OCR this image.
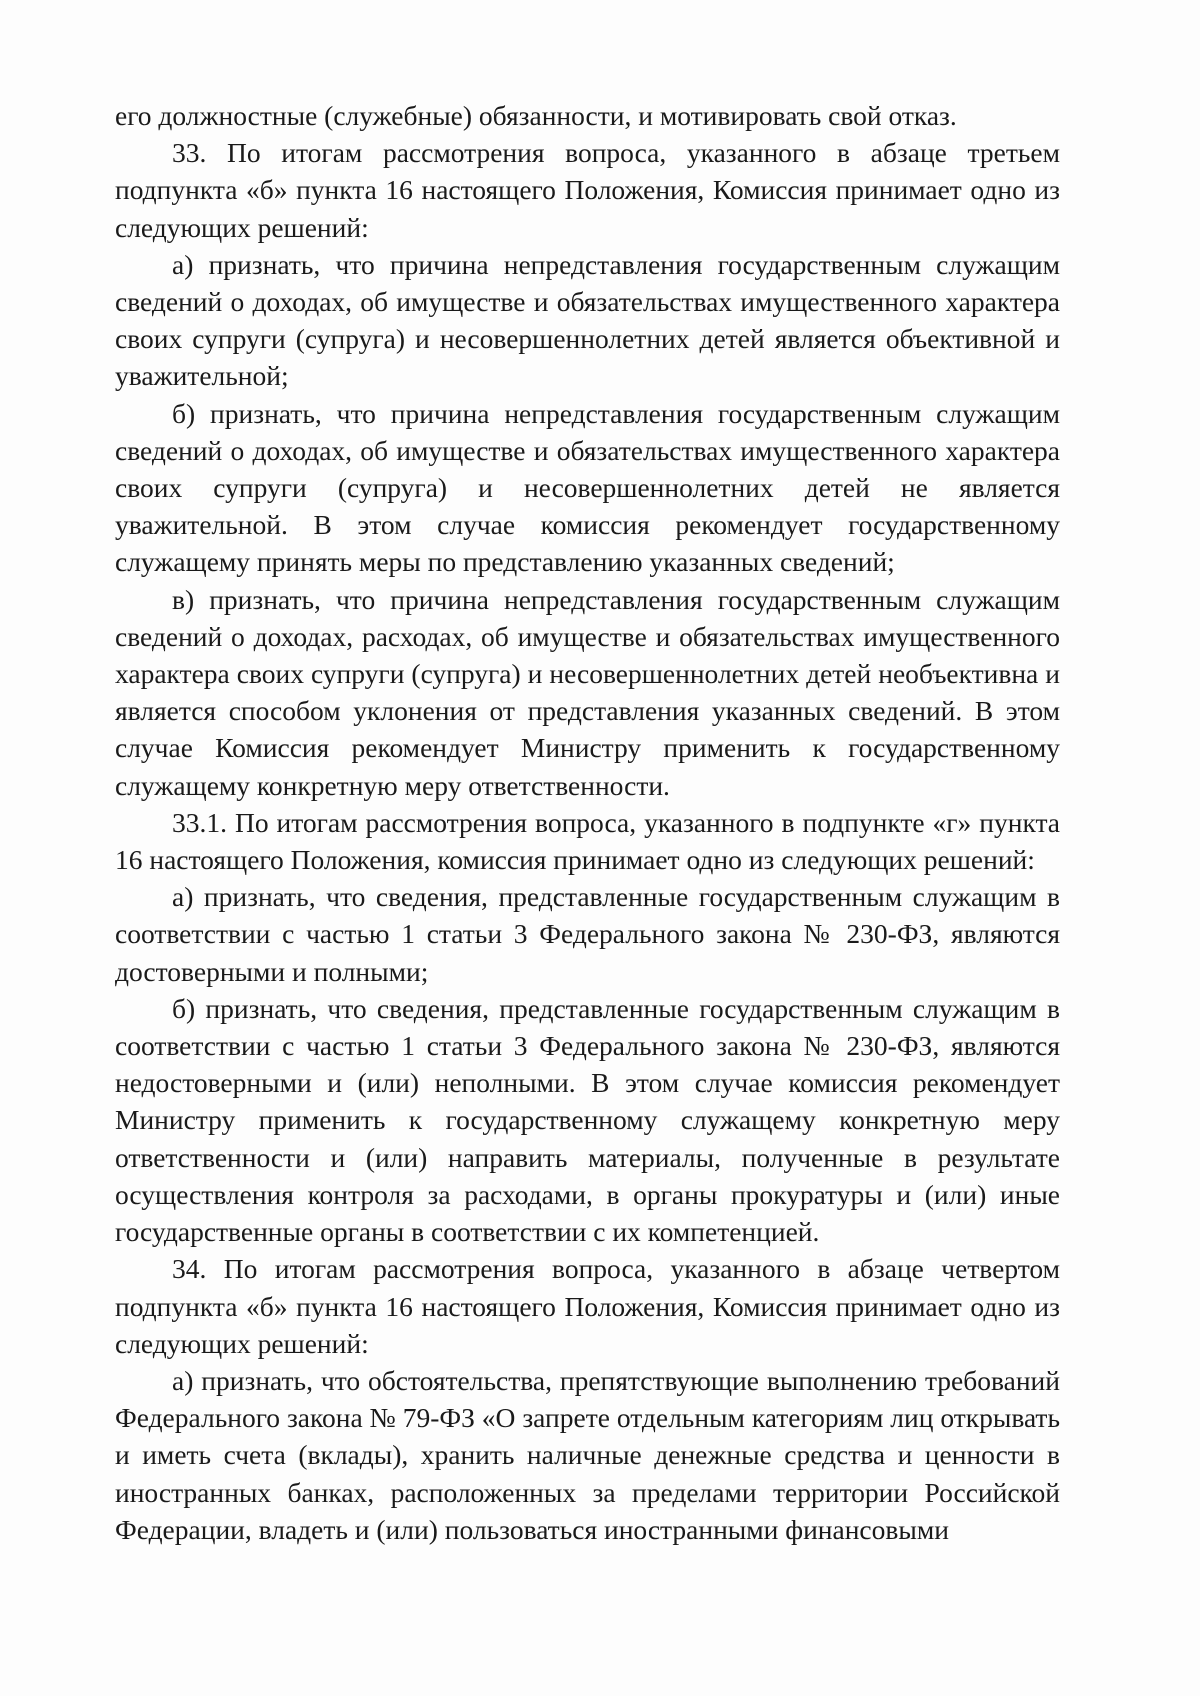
его должностные (служебные) обязанности, и мотивировать свой отказ.

33. По итогам рассмотрения вопроса, указанного в абзаце третьем подпункта «б» пункта 16 настоящего Положения, Комиссия принимает одно из следующих решений:

а) признать, что причина непредставления государственным служащим сведений о доходах, об имуществе и обязательствах имущественного характера своих супруги (супруга) и несовершеннолетних детей является объективной и уважительной;

б) признать, что причина непредставления государственным служащим сведений о доходах, об имуществе и обязательствах имущественного характера своих супруги (супруга) и несовершеннолетних детей не является уважительной. В этом случае комиссия рекомендует государственному служащему принять меры по представлению указанных сведений;

в) признать, что причина непредставления государственным служащим сведений о доходах, расходах, об имуществе и обязательствах имущественного характера своих супруги (супруга) и несовершеннолетних детей необъективна и является способом уклонения от представления указанных сведений. В этом случае Комиссия рекомендует Министру применить к государственному служащему конкретную меру ответственности.

33.1. По итогам рассмотрения вопроса, указанного в подпункте «г» пункта 16 настоящего Положения, комиссия принимает одно из следующих решений:

а) признать, что сведения, представленные государственным служащим в соответствии с частью 1 статьи 3 Федерального закона № 230-ФЗ, являются достоверными и полными;

б) признать, что сведения, представленные государственным служащим в соответствии с частью 1 статьи 3 Федерального закона № 230-ФЗ, являются недостоверными и (или) неполными. В этом случае комиссия рекомендует Министру применить к государственному служащему конкретную меру ответственности и (или) направить материалы, полученные в результате осуществления контроля за расходами, в органы прокуратуры и (или) иные государственные органы в соответствии с их компетенцией.

34. По итогам рассмотрения вопроса, указанного в абзаце четвертом подпункта «б» пункта 16 настоящего Положения, Комиссия принимает одно из следующих решений:

а) признать, что обстоятельства, препятствующие выполнению требований Федерального закона № 79-ФЗ «О запрете отдельным категориям лиц открывать и иметь счета (вклады), хранить наличные денежные средства и ценности в иностранных банках, расположенных за пределами территории Российской Федерации, владеть и (или) пользоваться иностранными финансовыми
